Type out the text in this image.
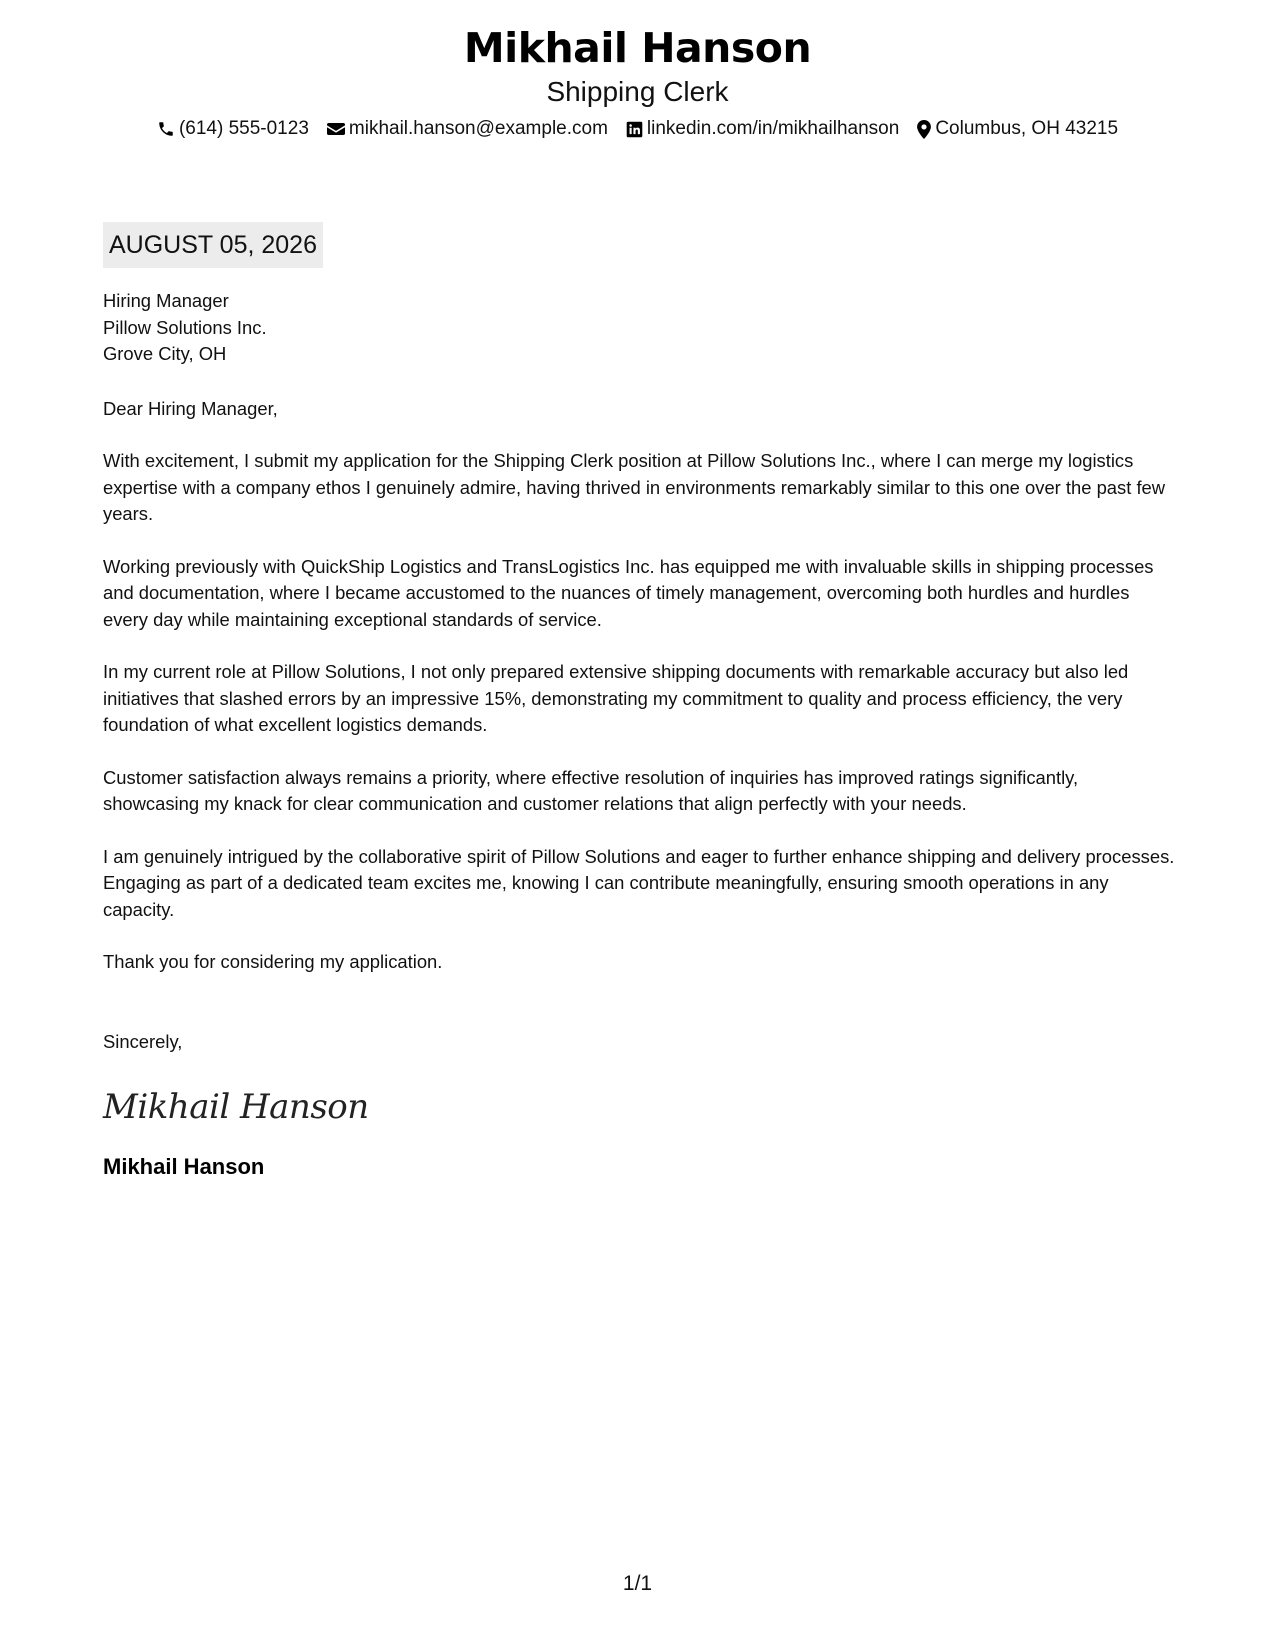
Mikhail Hanson
Shipping Clerk
(614) 555-0123 mikhail.hanson@example.com linkedin.com/in/mikhailhanson Columbus, OH 43215
AUGUST 05, 2026
Hiring Manager
Pillow Solutions Inc.
Grove City, OH
Dear Hiring Manager,
With excitement, I submit my application for the Shipping Clerk position at Pillow Solutions Inc., where I can merge my logistics expertise with a company ethos I genuinely admire, having thrived in environments remarkably similar to this one over the past few years.
Working previously with QuickShip Logistics and TransLogistics Inc. has equipped me with invaluable skills in shipping processes and documentation, where I became accustomed to the nuances of timely management, overcoming both hurdles and hurdles every day while maintaining exceptional standards of service.
In my current role at Pillow Solutions, I not only prepared extensive shipping documents with remarkable accuracy but also led initiatives that slashed errors by an impressive 15%, demonstrating my commitment to quality and process efficiency, the very foundation of what excellent logistics demands.
Customer satisfaction always remains a priority, where effective resolution of inquiries has improved ratings significantly, showcasing my knack for clear communication and customer relations that align perfectly with your needs.
I am genuinely intrigued by the collaborative spirit of Pillow Solutions and eager to further enhance shipping and delivery processes. Engaging as part of a dedicated team excites me, knowing I can contribute meaningfully, ensuring smooth operations in any capacity.
Thank you for considering my application.
Sincerely,
Mikhail Hanson
Mikhail Hanson
1/1
